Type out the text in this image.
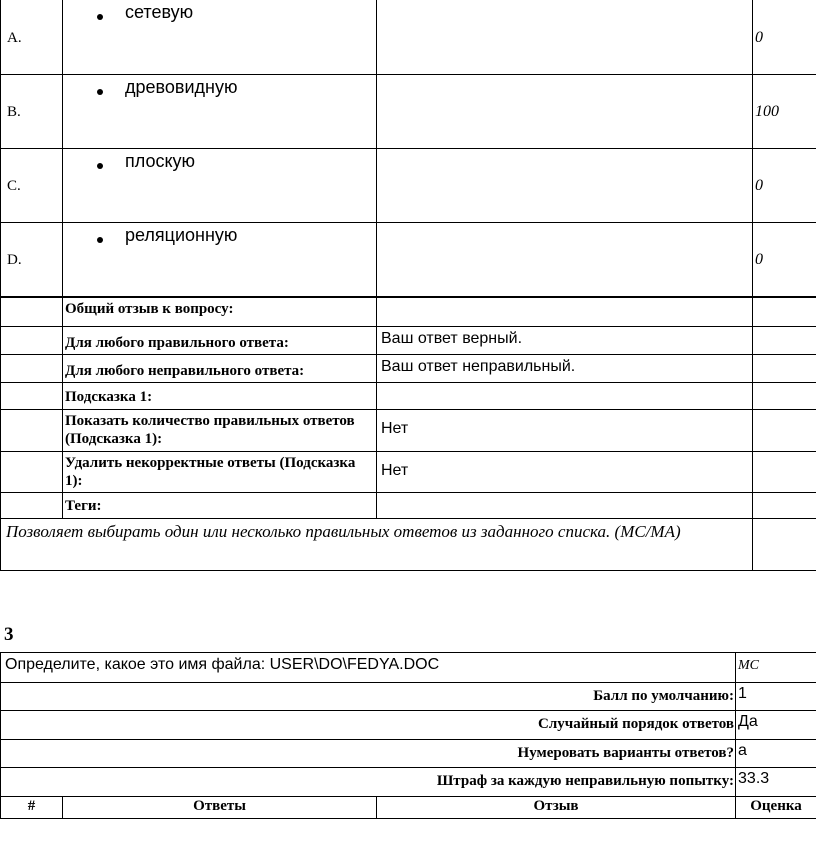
A.	сетевую		0

B.	древовидную		100

C.	плоскую		0

D.	реляционную		0
	Общий отзыв к вопросу:		
	Для любого правильного ответа:	Ваш ответ верный.	
	Для любого неправильного ответа:	Ваш ответ неправильный.	
	Подсказка 1:		
	Показать количество правильных ответов (Подсказка 1):	Нет	
	Удалить некорректные ответы (Подсказка 1):	Нет	
	Теги:		
Позволяет выбирать один или несколько правильных ответов из заданного списка. (MC/MA)			
3
Определите, какое это имя файла: USER\DO\FEDYA.DOC			MC
Балл по умолчанию:			1
Случайный порядок ответов			Да
Нумеровать варианты ответов?			a
Штраф за каждую неправильную попытку:			33.3
#	Ответы	Отзыв	Оценка
